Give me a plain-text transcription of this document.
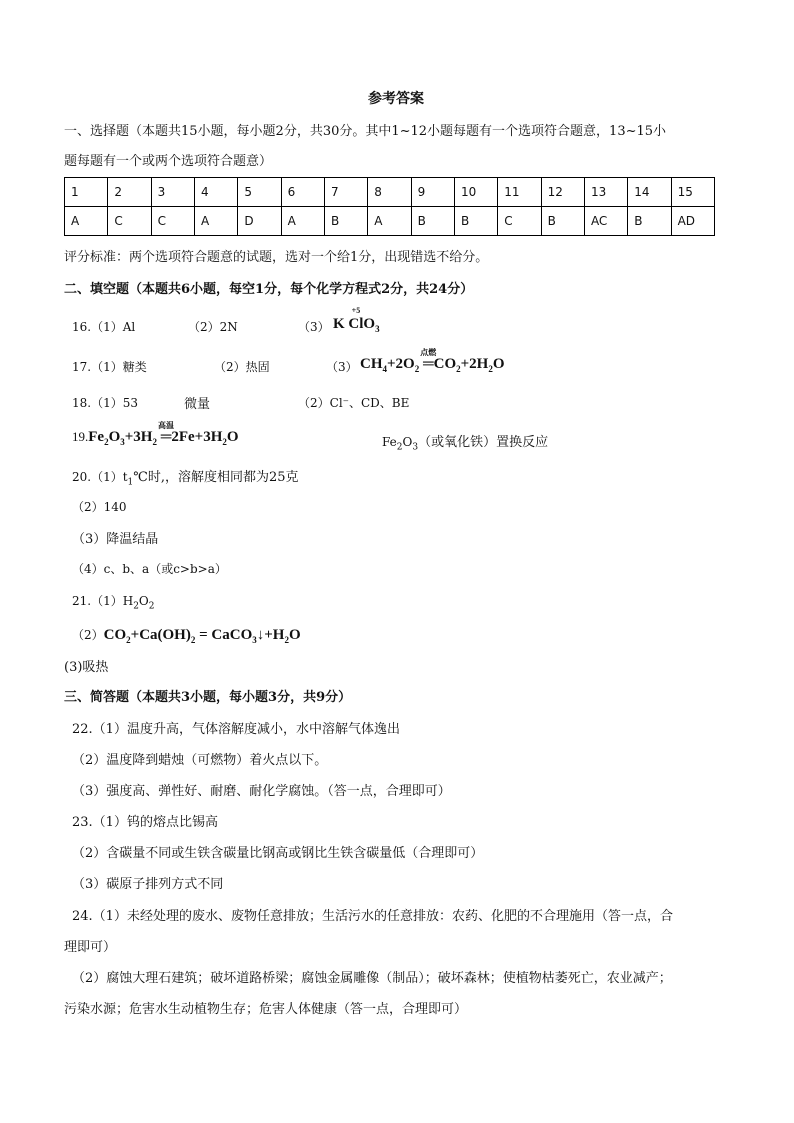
参考答案
一、选择题（本题共15小题，每小题2分，共30分。其中1~12小题每题有一个选项符合题意，13~15小
题每题有一个或两个选项符合题意）
1	2	3	4	5	6	7	8	9	10	11	12	13	14	15
A	C	C	A	D	A	B	A	B	B	C	B	AC	B	AD
评分标准：两个选项符合题意的试题，选对一个给1分，出现错选不给分。
二、填空题（本题共6小题，每空1分，每个化学方程式2分，共24分）
16.（1）Al	（2）2N	（3） K
+5
ClO$_3$
17.（1）糖类	（2）热固	（3） $CH_4+2O_2$
点燃
$═CO_2+2H_2O$
18.（1）53	微量	（2）Cl⁻、CD、BE
$19.Fe_2O_3+3H_2$
高温
$═2Fe+3H_2O$	$Fe_2O_3$（或氧化铁）置换反应
$20.(1)t_1℃$时,，溶解度相同都为25克
（2）140
（3）降温结晶
（4）c、b、a（或c>b>a）
$21.(1)H_2O_2$
$(2)CO_2+Ca(OH)_2$ = $CaCO_3↓+H_2O$
(3)吸热
三、简答题（本题共3小题，每小题3分，共9分）
22.（1）温度升高，气体溶解度减小，水中溶解气体逸出
（2）温度降到蜡烛（可燃物）着火点以下。
（3）强度高、弹性好、耐磨、耐化学腐蚀。（答一点，合理即可）
23.（1）钨的熔点比锡高
（2）含碳量不同或生铁含碳量比钢高或钢比生铁含碳量低（合理即可）
（3）碳原子排列方式不同
24.（1）未经处理的废水、废物任意排放；生活污水的任意排放：农药、化肥的不合理施用（答一点，合
理即可）
（2）腐蚀大理石建筑；破坏道路桥梁；腐蚀金属雕像（制品）；破坏森林；使植物枯萎死亡，农业减产；
污染水源；危害水生动植物生存；危害人体健康（答一点，合理即可）
